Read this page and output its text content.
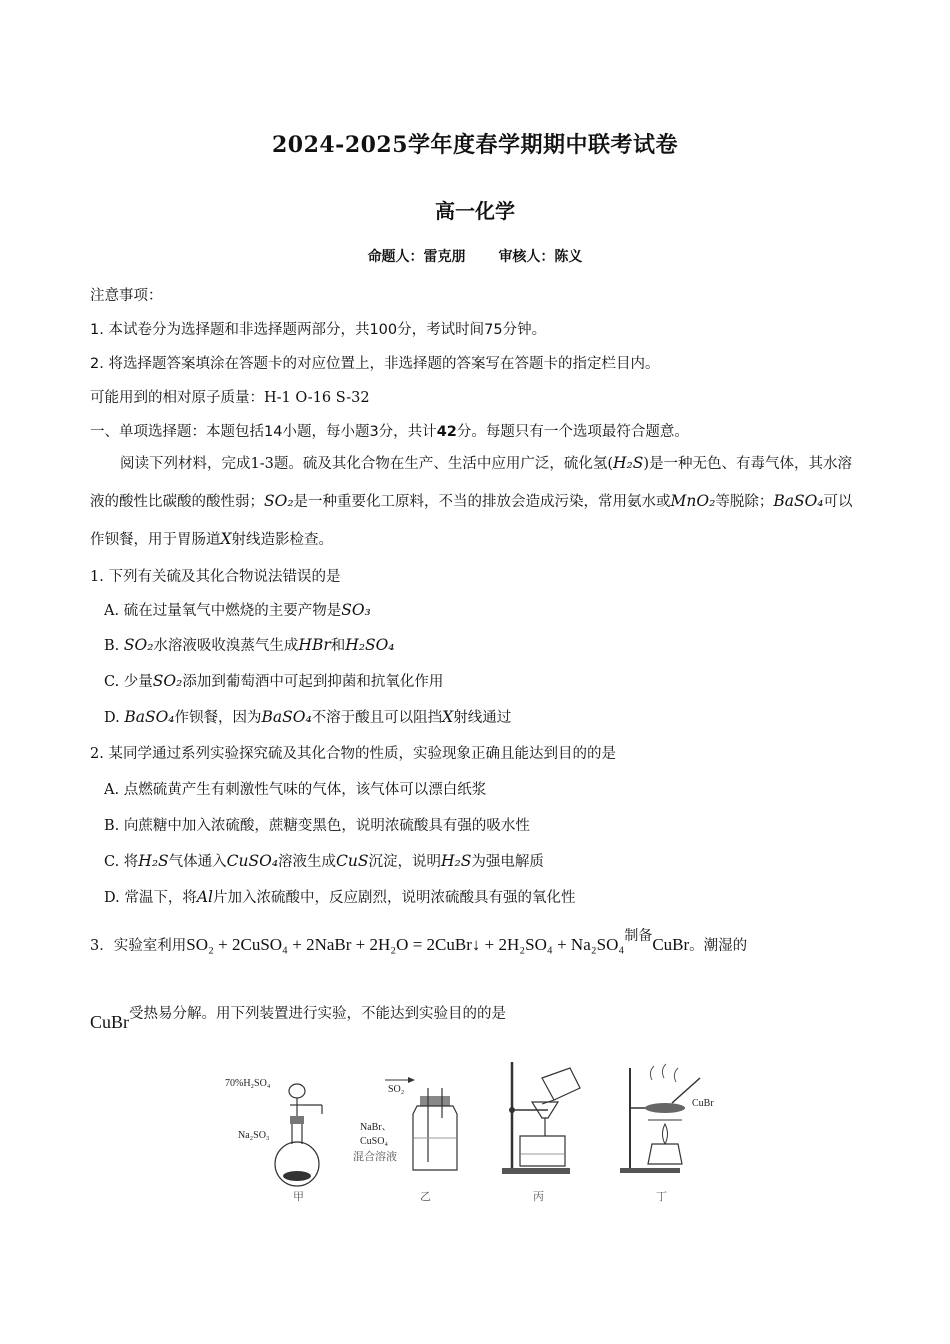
2024-2025学年度春学期期中联考试卷
高一化学
命题人：雷克朋 审核人：陈义
注意事项：
1. 本试卷分为选择题和非选择题两部分，共100分，考试时间75分钟。
2. 将选择题答案填涂在答题卡的对应位置上，非选择题的答案写在答题卡的指定栏目内。
可能用到的相对原子质量：H-1 O-16 S-32
一、单项选择题：本题包括14小题，每小题3分，共计42分。每题只有一个选项最符合题意。
阅读下列材料，完成1-3题。硫及其化合物在生产、生活中应用广泛，硫化氢(H₂S)是一种无色、有毒气体，其水溶液的酸性比碳酸的酸性弱；SO₂是一种重要化工原料，不当的排放会造成污染，常用氨水或MnO₂等脱除；BaSO₄可以作钡餐，用于胃肠道X射线造影检查。
1. 下列有关硫及其化合物说法错误的是
A. 硫在过量氧气中燃烧的主要产物是SO₃
B. SO₂水溶液吸收溴蒸气生成HBr和H₂SO₄
C. 少量SO₂添加到葡萄酒中可起到抑菌和抗氧化作用
D. BaSO₄作钡餐，因为BaSO₄不溶于酸且可以阻挡X射线通过
2. 某同学通过系列实验探究硫及其化合物的性质，实验现象正确且能达到目的的是
A. 点燃硫黄产生有刺激性气味的气体，该气体可以漂白纸浆
B. 向蔗糖中加入浓硫酸，蔗糖变黑色，说明浓硫酸具有强的吸水性
C. 将H₂S气体通入CuSO₄溶液生成CuS沉淀，说明H₂S为强电解质
D. 常温下，将Al片加入浓硫酸中，反应剧烈，说明浓硫酸具有强的氧化性
3．实验室利用SO₂ + 2CuSO₄ + 2NaBr + 2H₂O = 2CuBr↓ + 2H₂SO₄ + Na₂SO₄制备CuBr。潮湿的
CuBr受热易分解。用下列装置进行实验，不能达到实验目的的是
70%H₂SO₄
Na₂SO₃
甲
SO₂
NaBr、
CuSO₄
混合溶液
乙	丙
CuBr
丁
